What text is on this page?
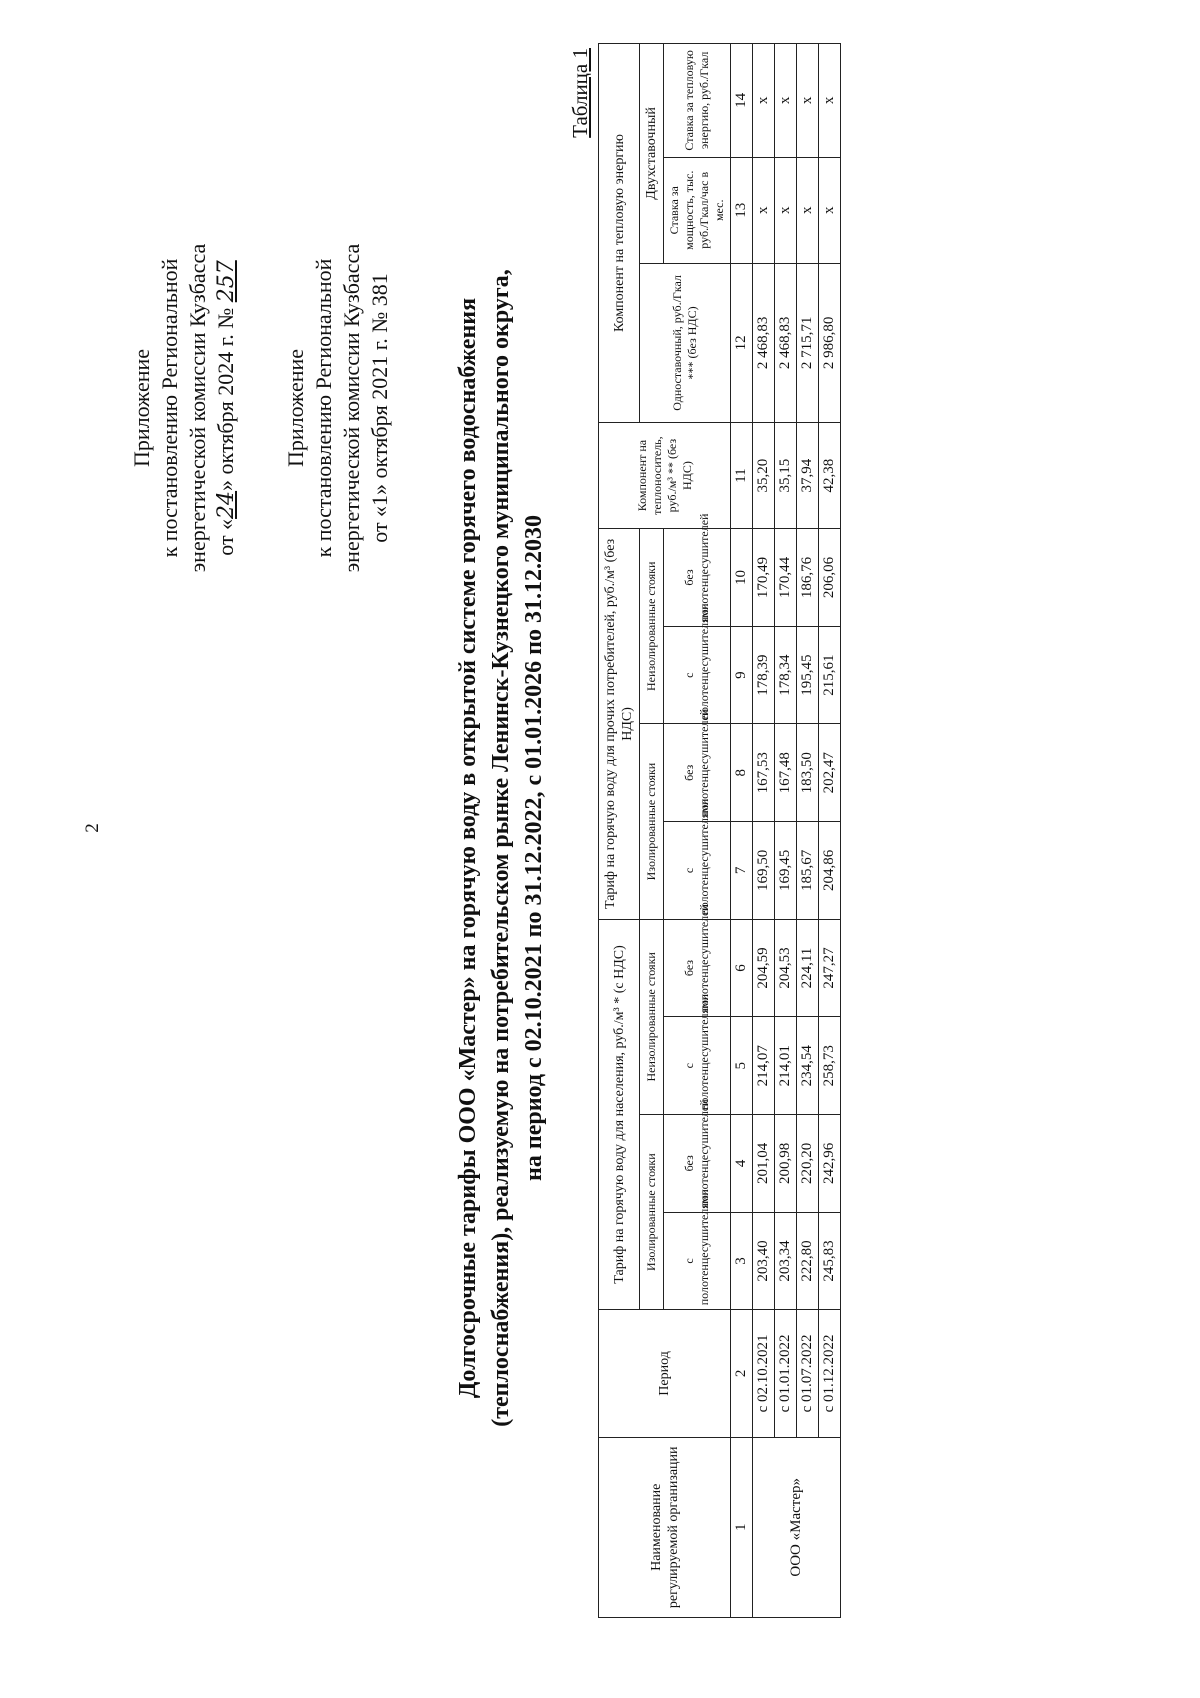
2
Приложение к постановлению Региональной энергетической комиссии Кузбасса от «24» октября 2024 г. № 257
Приложение к постановлению Региональной энергетической комиссии Кузбасса от «1» октября 2021 г. № 381	Долгосрочные тарифы ООО «Мастер» на горячую воду в открытой системе горячего водоснабжения (теплоснабжения), реализуемую на потребительском рынке Ленинск-Кузнецкого муниципального округа, на период с 02.10.2021 по 31.12.2022, с 01.01.2026 по 31.12.2030
Таблица 1
Наименование регулируемой организации	Период	Тариф на горячую воду для населения, руб./м³ * (с НДС)				Тариф на горячую воду для прочих потребителей, руб./м³ (без НДС)				Компонент на теплоноситель, руб./м³ ** (без НДС)	Компонент на тепловую энергию		
		Изолированные стояки		Неизолированные стояки		Изолированные стояки		Неизолированные стояки			Одноставочный, руб./Гкал *** (без НДС)	Двухставочный	
		с полотенцесушителями	без полотенцесушителей	с полотенцесушителями	без полотенцесушителей	с полотенцесушителями	без полотенцесушителей	с полотенцесушителями	без полотенцесушителей			Ставка за мощность, тыс. руб./Гкал/час в мес.	Ставка за тепловую энергию, руб./Гкал
1	2	3	4	5	6	7	8	9	10	11	12	13	14
ООО «Мастер»	с 02.10.2021	203,40	201,04	214,07	204,59	169,50	167,53	178,39	170,49	35,20	2 468,83	х	х
	с 01.01.2022	203,34	200,98	214,01	204,53	169,45	167,48	178,34	170,44	35,15	2 468,83	х	х
	с 01.07.2022	222,80	220,20	234,54	224,11	185,67	183,50	195,45	186,76	37,94	2 715,71	х	х
	с 01.12.2022	245,83	242,96	258,73	247,27	204,86	202,47	215,61	206,06	42,38	2 986,80	х	х
